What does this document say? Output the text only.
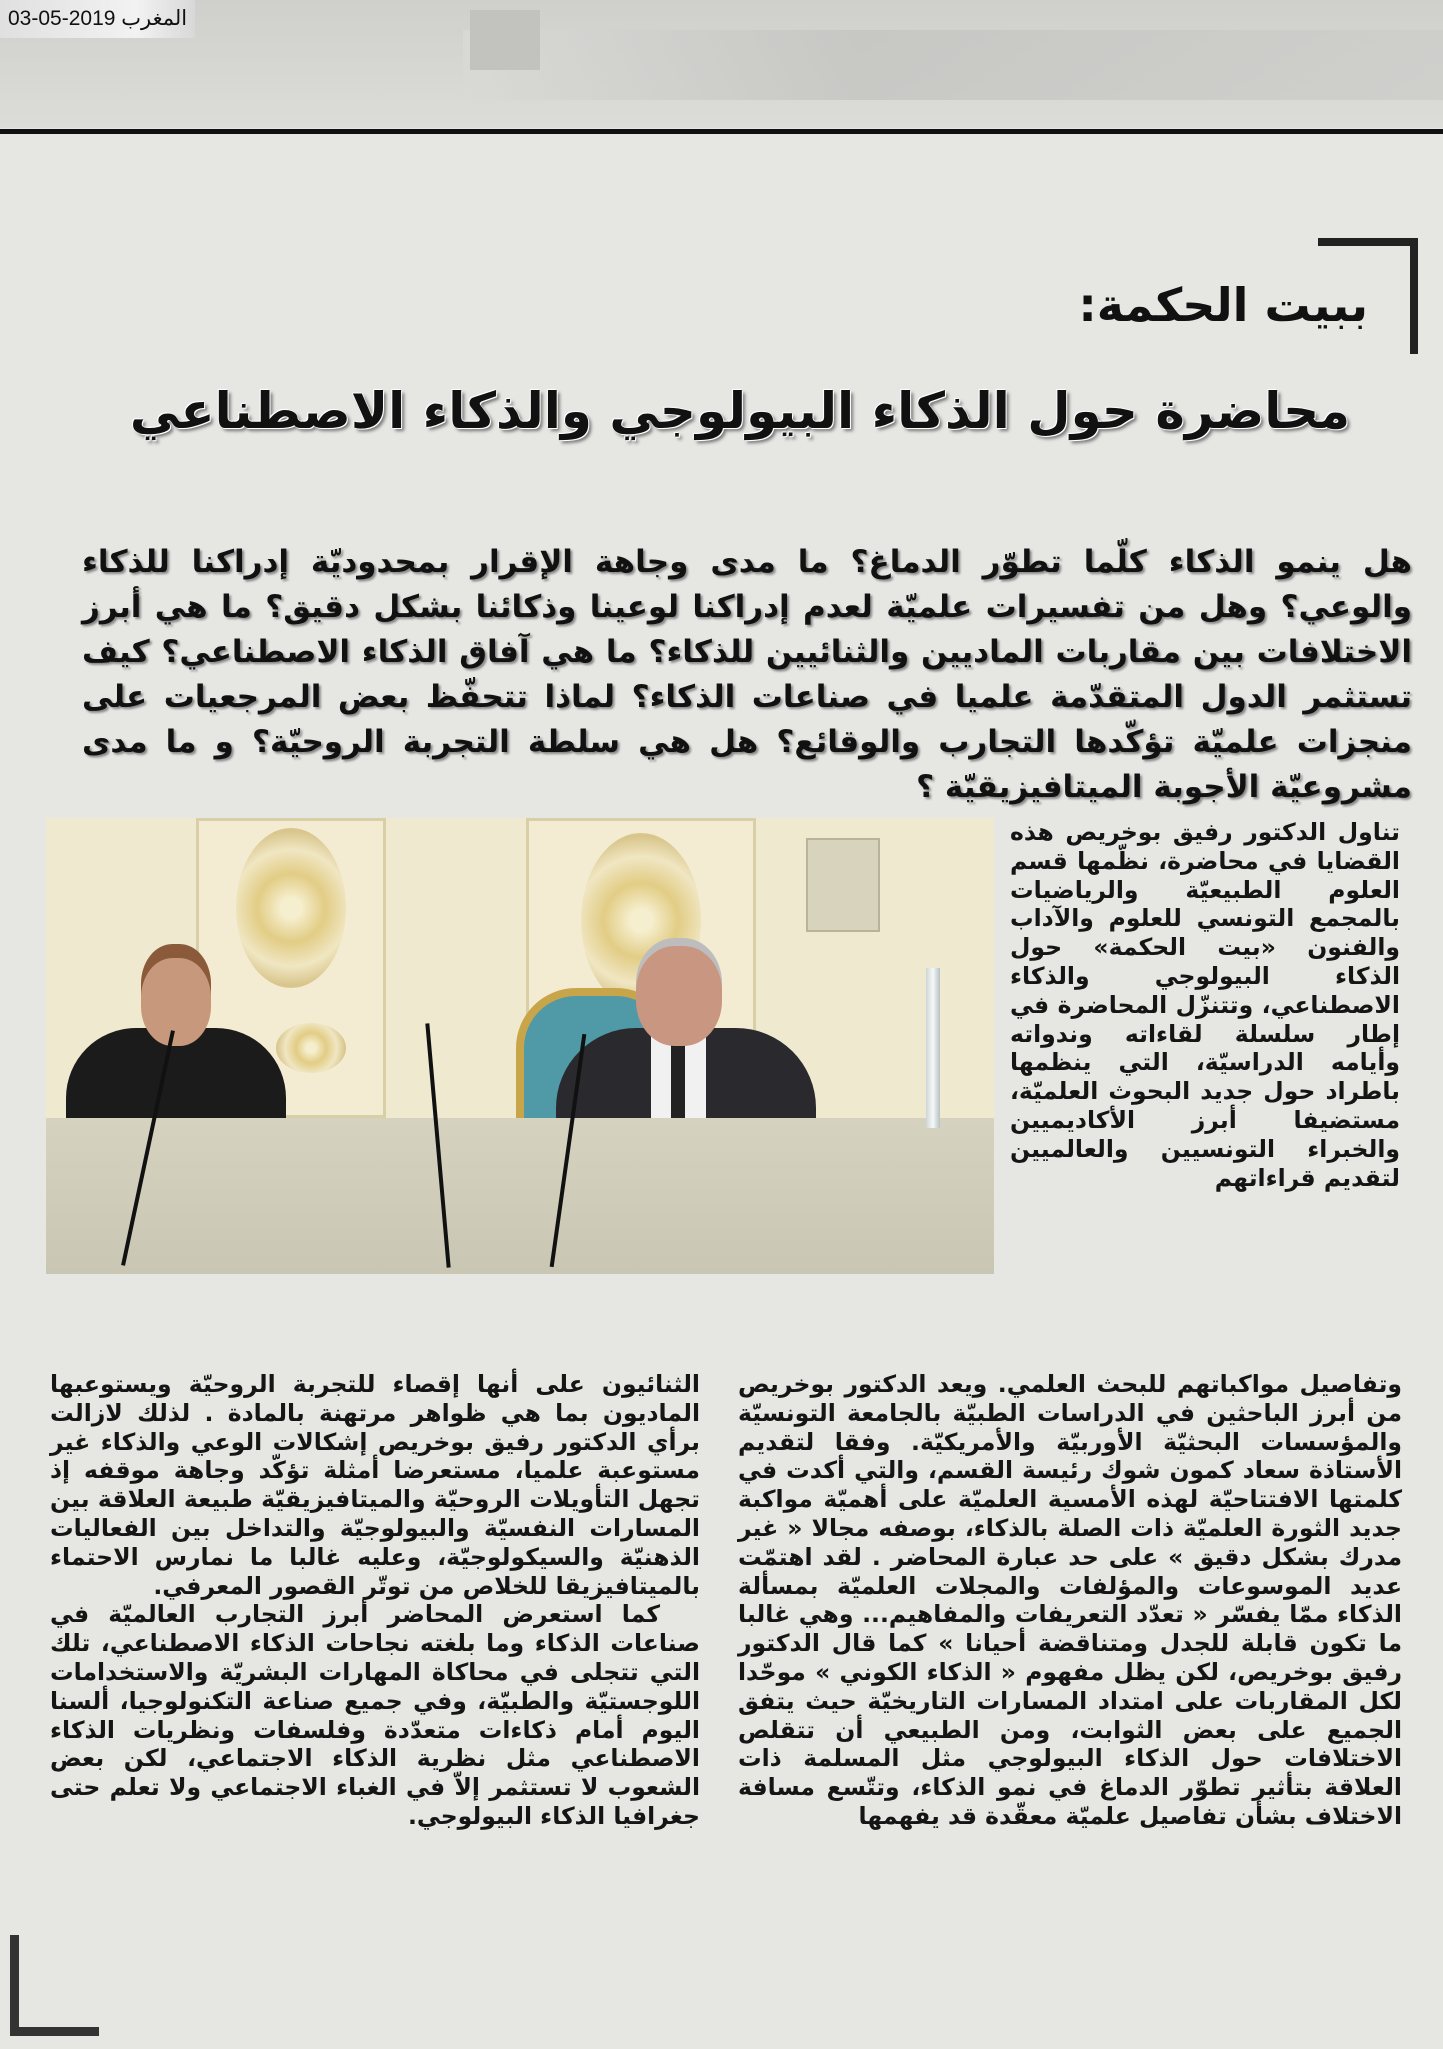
المغرب 2019-05-03
ببيت الحكمة:
محاضرة حول الذكاء البيولوجي والذكاء الاصطناعي
هل ينمو الذكاء كلّما تطوّر الدماغ؟ ما مدى وجاهة الإقرار بمحدوديّة إدراكنا للذكاء والوعي؟ وهل من تفسيرات علميّة لعدم إدراكنا لوعينا وذكائنا بشكل دقيق؟ ما هي أبرز الاختلافات بين مقاربات الماديين والثنائيين للذكاء؟ ما هي آفاق الذكاء الاصطناعي؟ كيف تستثمر الدول المتقدّمة علميا في صناعات الذكاء؟ لماذا تتحفّظ بعض المرجعيات على منجزات علميّة تؤكّدها التجارب والوقائع؟ هل هي سلطة التجربة الروحيّة؟ و ما مدى مشروعيّة الأجوبة الميتافيزيقيّة ؟

تناول الدكتور رفيق بوخريص هذه القضايا في محاضرة، نظّمها قسم العلوم الطبيعيّة والرياضيات بالمجمع التونسي للعلوم والآداب والفنون «بيت الحكمة» حول الذكاء البيولوجي والذكاء الاصطناعي، وتتنزّل المحاضرة في إطار سلسلة لقاءاته وندواته وأيامه الدراسيّة، التي ينظمها باطراد حول جديد البحوث العلميّة، مستضيفا أبرز الأكاديميين والخبراء التونسيين والعالميين لتقديم قراءاتهم

وتفاصيل مواكباتهم للبحث العلمي. ويعد الدكتور بوخريص من أبرز الباحثين في الدراسات الطبيّة بالجامعة التونسيّة والمؤسسات البحثيّة الأوربيّة والأمريكيّة. وفقا لتقديم الأستاذة سعاد كمون شوك رئيسة القسم، والتي أكدت في كلمتها الافتتاحيّة لهذه الأمسية العلميّة على أهميّة مواكبة جديد الثورة العلميّة ذات الصلة بالذكاء، بوصفه مجالا « غير مدرك بشكل دقيق » على حد عبارة المحاضر . لقد اهتمّت عديد الموسوعات والمؤلفات والمجلات العلميّة بمسألة الذكاء ممّا يفسّر « تعدّد التعريفات والمفاهيم... وهي غالبا ما تكون قابلة للجدل ومتناقضة أحيانا » كما قال الدكتور رفيق بوخريص، لكن يظل مفهوم « الذكاء الكوني » موحّدا لكل المقاربات على امتداد المسارات التاريخيّة حيث يتفق الجميع على بعض الثوابت، ومن الطبيعي أن تتقلص الاختلافات حول الذكاء البيولوجي مثل المسلمة ذات العلاقة بتأثير تطوّر الدماغ في نمو الذكاء، وتتّسع مسافة الاختلاف بشأن تفاصيل علميّة معقّدة قد يفهمها

الثنائيون على أنها إقصاء للتجربة الروحيّة ويستوعبها الماديون بما هي ظواهر مرتهنة بالمادة . لذلك لازالت برأي الدكتور رفيق بوخريص إشكالات الوعي والذكاء غير مستوعبة علميا، مستعرضا أمثلة تؤكّد وجاهة موقفه إذ تجهل التأويلات الروحيّة والميتافيزيقيّة طبيعة العلاقة بين المسارات النفسيّة والبيولوجيّة والتداخل بين الفعاليات الذهنيّة والسيكولوجيّة، وعليه غالبا ما نمارس الاحتماء بالميتافيزيقا للخلاص من توتّر القصور المعرفي.

كما استعرض المحاضر أبرز التجارب العالميّة في صناعات الذكاء وما بلغته نجاحات الذكاء الاصطناعي، تلك التي تتجلى في محاكاة المهارات البشريّة والاستخدامات اللوجستيّة والطبيّة، وفي جميع صناعة التكنولوجيا، ألسنا اليوم أمام ذكاءات متعدّدة وفلسفات ونظريات الذكاء الاصطناعي مثل نظرية الذكاء الاجتماعي، لكن بعض الشعوب لا تستثمر إلاّ في الغباء الاجتماعي ولا تعلم حتى جغرافيا الذكاء البيولوجي.
